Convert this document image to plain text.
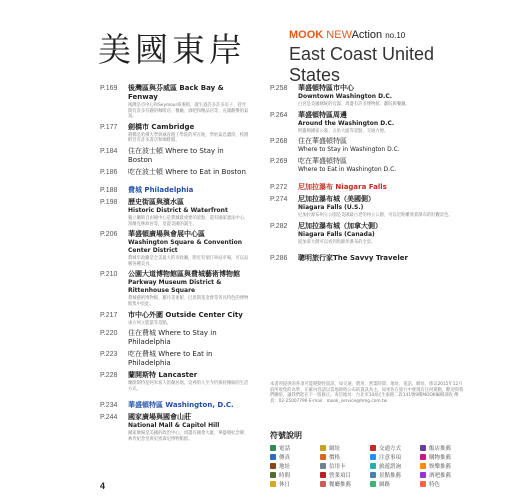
美國東岸	MOOK NEWAction no.10
East Coast United States
P.169 後灣區與芬威區 Back Bay & Fenway
後灣是市中心和Seymour威麥街，誕生過許多許多房子、巷弄間有許多有趣的咖啡店、餐廳、酒吧和精品店等，充滿歡樂的氣氛。
P.177 劍橋市 Cambridge
劍橋是哈佛大學與麻省理工學院的所在地，學術氣息濃厚，校園附近有許多書店和咖啡館。
P.184 住在波士頓 Where to Stay in Boston
P.186 吃在波士頓 Where to Eat in Boston
P.188 費城 Philadelphia
P.198 歷史街區與濱水區
Historic District & Waterfront
獨立廳與自由鐘中心是費城最重要的景點，還有國家憲法中心、富蘭克林故居等，見證美國的誕生。
P.206 華盛頓廣場與會展中心區
Washington Square & Convention Center District
費城市政廳是全美最大的市政廳，附近有瑞汀車站市場，可以品嚐各種美食。
P.210 公園大道博物館區與費城藝術博物館
Parkway Museum District & Rittenhouse Square
費城藝術博物館、羅丹美術館、巴恩斯基金會等各具特色的博物館集中於此。
P.217 市中心外圍 Outside Center City
東方州立監獄等景點。
P.220 住在費城 Where to Stay in Philadelphia
P.223 吃在費城 Where to Eat in Philadelphia
P.228 蘭開斯特 Lancaster
蘭開斯特是阿米希人的聚居地，這裡的人至今仍保持傳統的生活方式。
P.234 華盛頓特區 Washington, D.C.
P.244 國家廣場與國會山莊
National Mall & Capitol Hill
國家廣場是美國的政治中心，周邊有國會大廈、華盛頓紀念碑、林肯紀念堂與史密森尼博物館群。
P.258 華盛頓特區市中心
Downtown Washington D.C.
白宮是美國總統的官邸，周邊有許多博物館、劇院與餐廳。
P.264 華盛頓特區周邊
Around the Washington D.C.
阿靈頓國家公墓、五角大廈等景點，交通方便。
P.268 住在華盛頓特區
Where to Stay in Washington D.C.
P.269 吃在華盛頓特區
Where to Eat in Washington D.C.
P.272 尼加拉瀑布 Niagara Falls
P.274 尼加拉瀑布城（美國側）
Niagara Falls (U.S.)
尼加拉瀑布州立公園是美國最古老的州立公園，可以近距離欣賞瀑布的壯觀景色。
P.282 尼加拉瀑布城（加拿大側）
Niagara Falls (Canada)
從加拿大側可以看到馬蹄形瀑布的全景。
P.286 聰明旅行家The Savvy Traveler
本書所提供的各項可能變動性資訊，如交通、費用、營業時間、地址、電話、網址，係以2015年12月前所收集的為準。正確內容請以當地即時公布的資訊為主。如果你在旅行中發現有任何變動，歡迎與我們聯絡，讓我們能在下一版修正。寄信地址：台北市104民生東路二段141號9樓MOOK編輯部收 傳真：02-25007796 E-mail：mook_service@hmg.com.tw
符號說明
電話	網址	交通方式	飯店推薦
傳真	價格	注意事項	購物推薦
地址	信用卡	旅遊諮詢	娛樂推薦
時間	營業項目	景點推薦	酒吧推薦
休日	餐廳推薦	網路	特色
4
